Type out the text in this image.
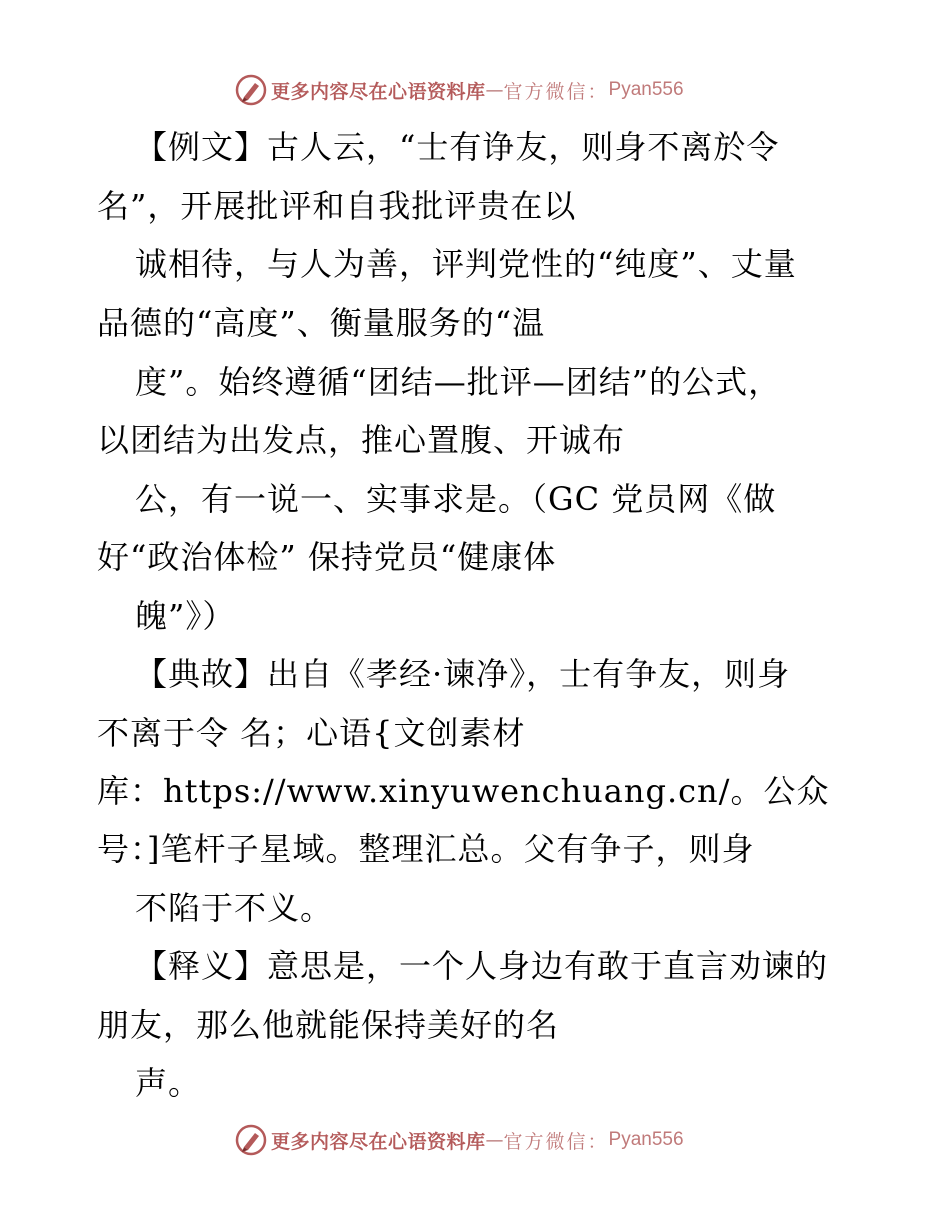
更多内容尽在心语资料库 — 官方微信： Pyan556
【例文】古人云，“士有诤友，则身不离於令
名”，开展批评和自我批评贵在以
诚相待，与人为善，评判党性的“纯度”、丈量
品德的“高度”、衡量服务的“温
度”。始终遵循“团结—批评—团结”的公式，
以团结为出发点，推心置腹、开诚布
公，有一说一、实事求是。（GC 党员网《做
好“政治体检” 保持党员“健康体
魄”》）
【典故】出自《孝经·谏净》，士有争友，则身
不离于令 名；心语{文创素材
库：https://www.xinyuwenchuang.cn/。公众
号：]笔杆子星域。整理汇总。父有争子，则身
不陷于不义。
【释义】意思是，一个人身边有敢于直言劝谏的
朋友，那么他就能保持美好的名
声。
更多内容尽在心语资料库 — 官方微信： Pyan556
